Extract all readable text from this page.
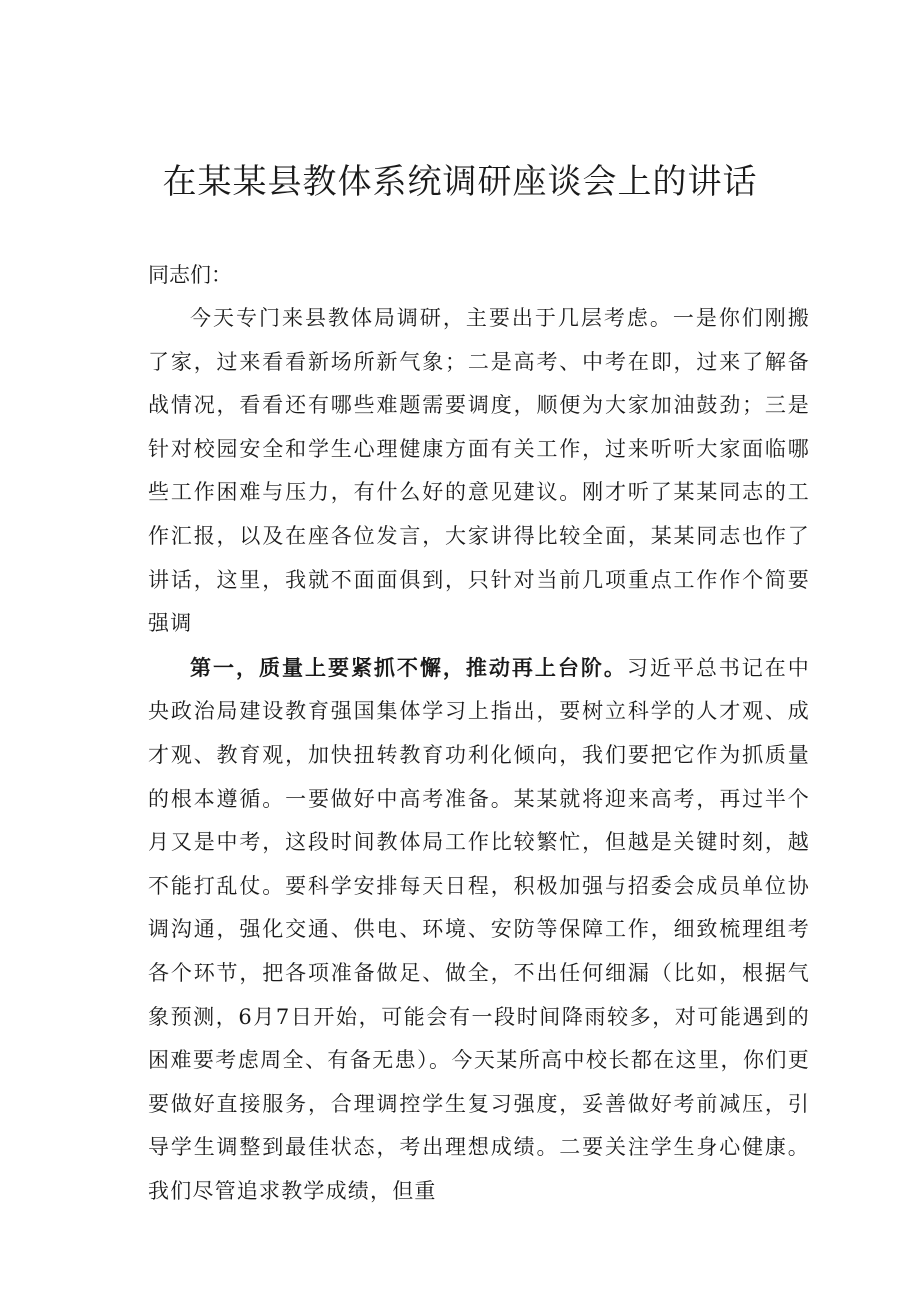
在某某县教体系统调研座谈会上的讲话
同志们：

今天专门来县教体局调研，主要出于几层考虑。一是你们刚搬了家，过来看看新场所新气象；二是高考、中考在即，过来了解备战情况，看看还有哪些难题需要调度，顺便为大家加油鼓劲；三是针对校园安全和学生心理健康方面有关工作，过来听听大家面临哪些工作困难与压力，有什么好的意见建议。刚才听了某某同志的工作汇报，以及在座各位发言，大家讲得比较全面，某某同志也作了讲话，这里，我就不面面俱到，只针对当前几项重点工作作个简要强调

第一，质量上要紧抓不懈，推动再上台阶。习近平总书记在中央政治局建设教育强国集体学习上指出，要树立科学的人才观、成才观、教育观，加快扭转教育功利化倾向，我们要把它作为抓质量的根本遵循。一要做好中高考准备。某某就将迎来高考，再过半个月又是中考，这段时间教体局工作比较繁忙，但越是关键时刻，越不能打乱仗。要科学安排每天日程，积极加强与招委会成员单位协调沟通，强化交通、供电、环境、安防等保障工作，细致梳理组考各个环节，把各项准备做足、做全，不出任何细漏（比如，根据气象预测，6月7日开始，可能会有一段时间降雨较多，对可能遇到的困难要考虑周全、有备无患）。今天某所高中校长都在这里，你们更要做好直接服务，合理调控学生复习强度，妥善做好考前减压，引导学生调整到最佳状态，考出理想成绩。二要关注学生身心健康。我们尽管追求教学成绩，但重
